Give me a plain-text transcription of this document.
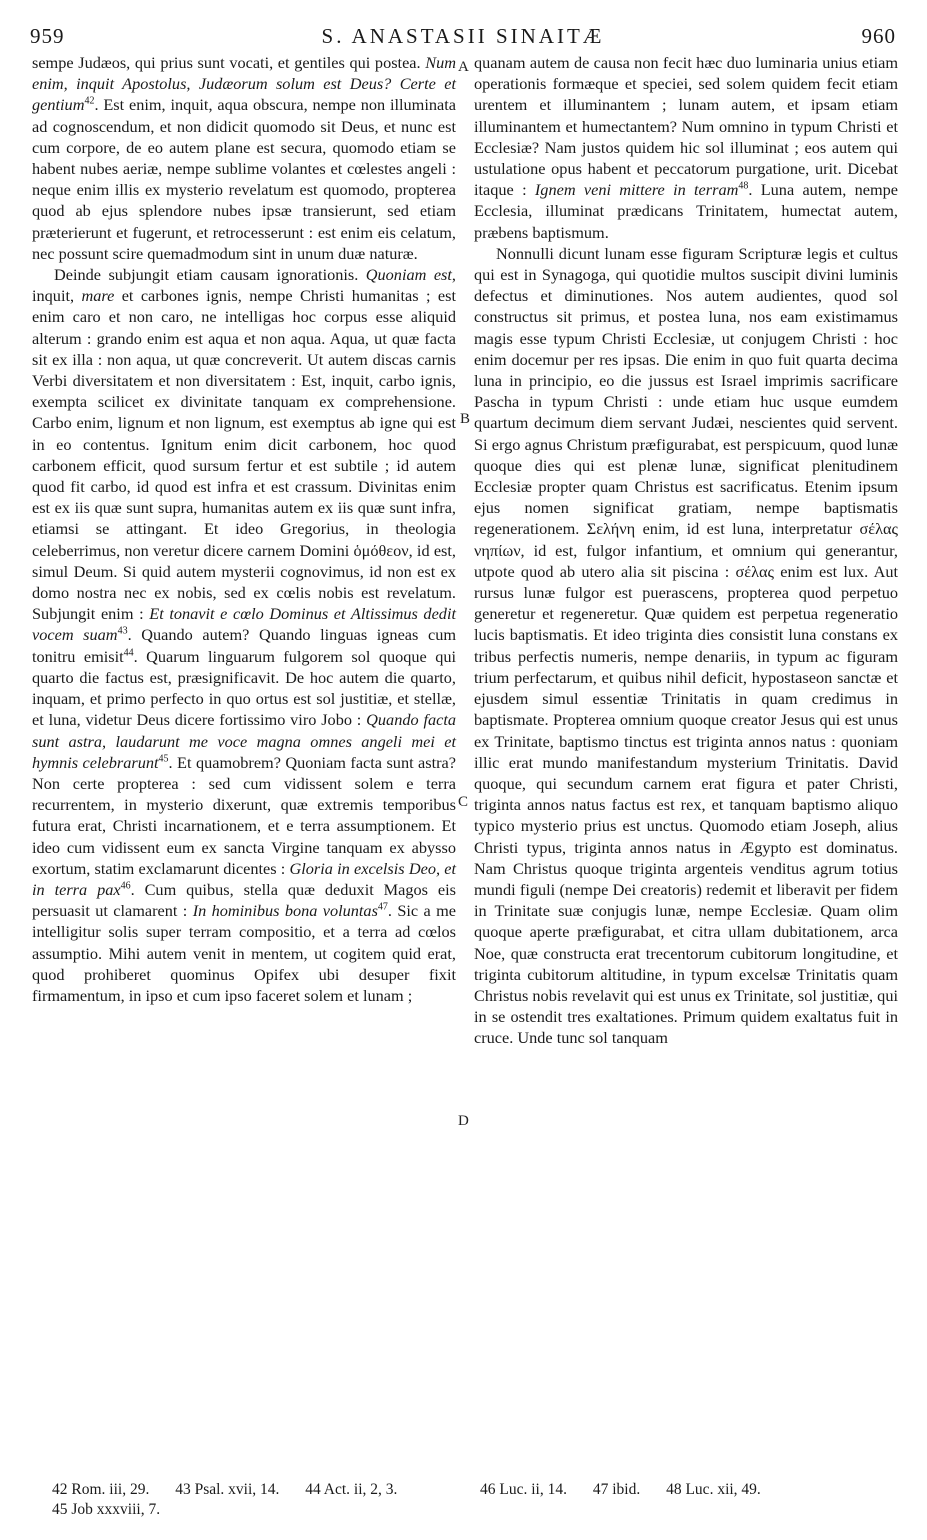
959	S. ANASTASII SINAITÆ	960

sempe Judæos, qui prius sunt vocati, et gentiles qui postea. Num enim, inquit Apostolus, Judæorum solum est Deus? Certe et gentium$^{42}$. Est enim, inquit, aqua obscura, nempe non illuminata ad cognoscendum, et non didicit quomodo sit Deus, et nunc est cum corpore, de eo autem plane est secura, quomodo etiam se habent nubes aeriæ, nempe sublime volantes et cœlestes angeli : neque enim illis ex mysterio revelatum est quomodo, propterea quod ab ejus splendore nubes ipsæ transierunt, sed etiam præterierunt et fugerunt, et retrocesserunt : est enim eis celatum, nec possunt scire quemadmodum sint in unum duæ naturæ.

Deinde subjungit etiam causam ignorationis. Quoniam est, inquit, mare et carbones ignis, nempe Christi humanitas ; est enim caro et non caro, ne intelligas hoc corpus esse aliquid alterum : grando enim est aqua et non aqua. Aqua, ut quæ facta sit ex illa : non aqua, ut quæ concreverit. Ut autem discas carnis Verbi diversitatem et non diversitatem : Est, inquit, carbo ignis, exempta scilicet ex divinitate tanquam ex comprehensione. Carbo enim, lignum et non lignum, est exemptus ab igne qui est in eo contentus. Ignitum enim dicit carbonem, hoc quod carbonem efficit, quod sursum fertur et est subtile ; id autem quod fit carbo, id quod est infra et est crassum. Divinitas enim est ex iis quæ sunt supra, humanitas autem ex iis quæ sunt infra, etiamsi se attingant. Et ideo Gregorius, in theologia celeberrimus, non veretur dicere carnem Domini ὁμόθεον, id est, simul Deum. Si quid autem mysterii cognovimus, id non est ex domo nostra nec ex nobis, sed ex cœlis nobis est revelatum. Subjungit enim : Et tonavit e cœlo Dominus et Altissimus dedit vocem suam$^{43}$. Quando autem? Quando linguas igneas cum tonitru emisit$^{44}$. Quarum linguarum fulgorem sol quoque qui quarto die factus est, præsignificavit. De hoc autem die quarto, inquam, et primo perfecto in quo ortus est sol justitiæ, et stellæ, et luna, videtur Deus dicere fortissimo viro Jobo : Quando facta sunt astra, laudarunt me voce magna omnes angeli mei et hymnis celebrarunt$^{45}$. Et quamobrem? Quoniam facta sunt astra? Non certe propterea : sed cum vidissent solem e terra recurrentem, in mysterio dixerunt, quæ extremis temporibus futura erat, Christi incarnationem, et e terra assumptionem. Et ideo cum vidissent eum ex sancta Virgine tanquam ex abysso exortum, statim exclamarunt dicentes : Gloria in excelsis Deo, et in terra pax$^{46}$. Cum quibus, stella quæ deduxit Magos eis persuasit ut clamarent : In hominibus bona voluntas$^{47}$. Sic a me intelligitur solis super terram compositio, et a terra ad cœlos assumptio. Mihi autem venit in mentem, ut cogitem quid erat, quod prohiberet quominus Opifex ubi desuper fixit firmamentum, in ipso et cum ipso faceret solem et lunam ;

A
B
C
D

quanam autem de causa non fecit hæc duo luminaria unius etiam operationis formæque et speciei, sed solem quidem fecit etiam urentem et illuminantem ; lunam autem, et ipsam etiam illuminantem et humectantem? Num omnino in typum Christi et Ecclesiæ? Nam justos quidem hic sol illuminat ; eos autem qui ustulatione opus habent et peccatorum purgatione, urit. Dicebat itaque : Ignem veni mittere in terram$^{48}$. Luna autem, nempe Ecclesia, illuminat prædicans Trinitatem, humectat autem, præbens baptismum.

Nonnulli dicunt lunam esse figuram Scripturæ legis et cultus qui est in Synagoga, qui quotidie multos suscipit divini luminis defectus et diminutiones. Nos autem audientes, quod sol constructus sit primus, et postea luna, nos eam existimamus magis esse typum Christi Ecclesiæ, ut conjugem Christi : hoc enim docemur per res ipsas. Die enim in quo fuit quarta decima luna in principio, eo die jussus est Israel imprimis sacrificare Pascha in typum Christi : unde etiam huc usque eumdem quartum decimum diem servant Judæi, nescientes quid servent. Si ergo agnus Christum præfigurabat, est perspicuum, quod lunæ quoque dies qui est plenæ lunæ, significat plenitudinem Ecclesiæ propter quam Christus est sacrificatus. Etenim ipsum ejus nomen significat gratiam, nempe baptismatis regenerationem. Σελήνη enim, id est luna, interpretatur σέλας νηπίων, id est, fulgor infantium, et omnium qui generantur, utpote quod ab utero alia sit piscina : σέλας enim est lux. Aut rursus lunæ fulgor est puerascens, propterea quod perpetuo generetur et regeneretur. Quæ quidem est perpetua regeneratio lucis baptismatis. Et ideo triginta dies consistit luna constans ex tribus perfectis numeris, nempe denariis, in typum ac figuram trium perfectarum, et quibus nihil deficit, hypostaseon sanctæ et ejusdem simul essentiæ Trinitatis in quam credimus in baptismate. Propterea omnium quoque creator Jesus qui est unus ex Trinitate, baptismo tinctus est triginta annos natus : quoniam illic erat mundo manifestandum mysterium Trinitatis. David quoque, qui secundum carnem erat figura et pater Christi, triginta annos natus factus est rex, et tanquam baptismo aliquo typico mysterio prius est unctus. Quomodo etiam Joseph, alius Christi typus, triginta annos natus in Ægypto est dominatus. Nam Christus quoque triginta argenteis venditus agrum totius mundi figuli (nempe Dei creatoris) redemit et liberavit per fidem in Trinitate suæ conjugis lunæ, nempe Ecclesiæ. Quam olim quoque aperte præfigurabat, et citra ullam dubitationem, arca Noe, quæ constructa erat trecentorum cubitorum longitudine, et triginta cubitorum altitudine, in typum excelsæ Trinitatis quam Christus nobis revelavit qui est unus ex Trinitate, sol justitiæ, qui in se ostendit tres exaltationes. Primum quidem exaltatus fuit in cruce. Unde tunc sol tanquam

42 Rom. iii, 29. 43 Psal. xvii, 14. 44 Act. ii, 2, 3.
45 Job xxxviii, 7.
46 Luc. ii, 14. 47 ibid. 48 Luc. xii, 49.
